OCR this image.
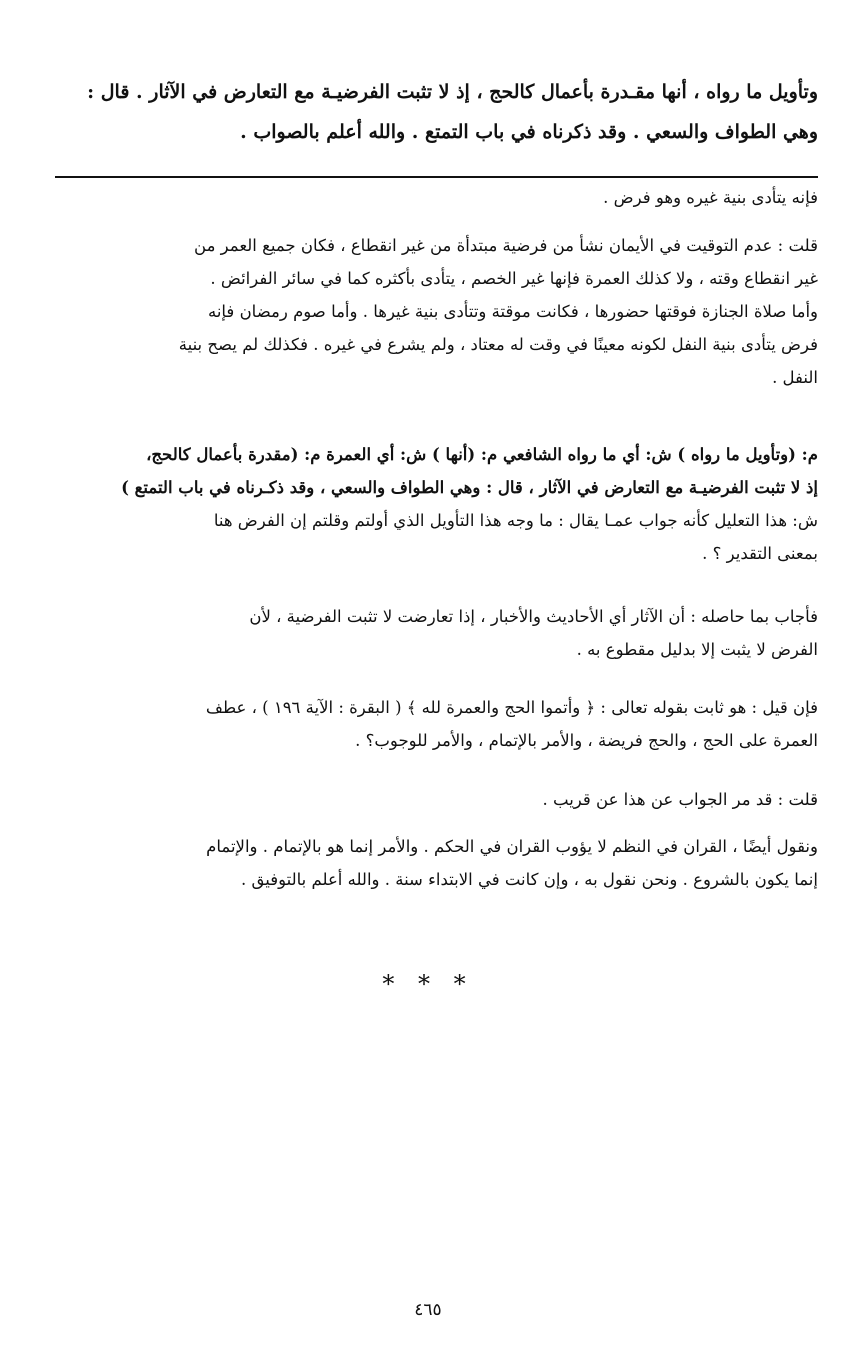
وتأويل ما رواه ، أنها مقـدرة بأعمال كالحج ، إذ لا تثبت الفرضيـة مع التعارض في الآثار . قال :
وهي الطواف والسعي . وقد ذكرناه في باب التمتع . والله أعلم بالصواب .
فإنه يتأدى بنية غيره وهو فرض .
قلت : عدم التوقيت في الأيمان نشأ من فرضية مبتدأة من غير انقطاع ، فكان جميع العمر من
غير انقطاع وقته ، ولا كذلك العمرة فإنها غير الخصم ، يتأدى بأكثره كما في سائر الفرائض .
وأما صلاة الجنازة فوقتها حضورها ، فكانت موقتة وتتأدى بنية غيرها . وأما صوم رمضان فإنه
فرض يتأدى بنية النفل لكونه معينًا في وقت له معتاد ، ولم يشرع في غيره . فكذلك لم يصح بنية
النفل .
م: (وتأويل ما رواه ) ش: أي ما رواه الشافعي م: (أنها ) ش: أي العمرة م: (مقدرة بأعمال كالحج،
إذ لا تثبت الفرضيـة مع التعارض في الآثار ، قال : وهي الطواف والسعي ، وقد ذكـرناه في باب التمتع )
ش: هذا التعليل كأنه جواب عمـا يقال : ما وجه هذا التأويل الذي أولتم وقلتم إن الفرض هنا
بمعنى التقدير ؟ .
فأجاب بما حاصله : أن الآثار أي الأحاديث والأخبار ، إذا تعارضت لا تثبت الفرضية ، لأن
الفرض لا يثبت إلا بدليل مقطوع به .
فإن قيل : هو ثابت بقوله تعالى : ﴿ وأتموا الحج والعمرة لله ﴾ ( البقرة : الآية ١٩٦ ) ، عطف
العمرة على الحج ، والحج فريضة ، والأمر بالإتمام ، والأمر للوجوب؟ .
قلت : قد مر الجواب عن هذا عن قريب .
ونقول أيضًا ، القران في النظم لا يؤوب القران في الحكم . والأمر إنما هو بالإتمام . والإتمام
إنما يكون بالشروع . ونحن نقول به ، وإن كانت في الابتداء سنة . والله أعلم بالتوفيق .
* * *
٤٦٥
